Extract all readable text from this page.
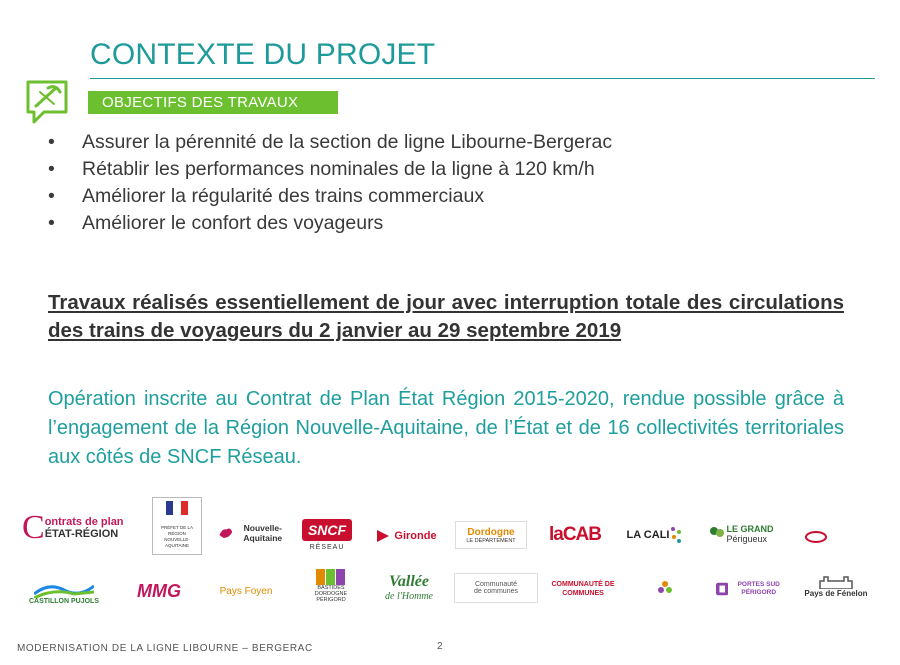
CONTEXTE DU PROJET
OBJECTIFS DES TRAVAUX
• Assurer la pérennité de la section de ligne Libourne-Bergerac
• Rétablir les performances nominales de la ligne à 120 km/h
• Améliorer la régularité des trains commerciaux
• Améliorer le confort des voyageurs
Travaux réalisés essentiellement de jour avec interruption totale des circulations des trains de voyageurs du 2 janvier au 29 septembre 2019
Opération inscrite au Contrat de Plan État Région 2015-2020, rendue possible grâce à l’engagement de la Région Nouvelle-Aquitaine, de l’État et de 16 collectivités territoriales aux côtés de SNCF Réseau.
C ontrats de plan
ÉTAT-RÉGION
PRÉFET DE LA RÉGION NOUVELLE-AQUITAINE
Nouvelle-Aquitaine	SNCF
RÉSEAU
Gironde	Dordogne
LE DÉPARTEMENT laCAB LA CALI	LE GRAND
Périgueux
CASTILLON PUJOLS
MMG	Pays Foyen	BASTIDES DORDOGNE PÉRIGORD
Vallée
de l'Homme
Communauté
de communes
COMMUNAUTÉ DE COMMUNES
PORTES SUD PÉRIGORD	Pays de Fénelon
MODERNISATION DE LA LIGNE LIBOURNE – BERGERAC	2
